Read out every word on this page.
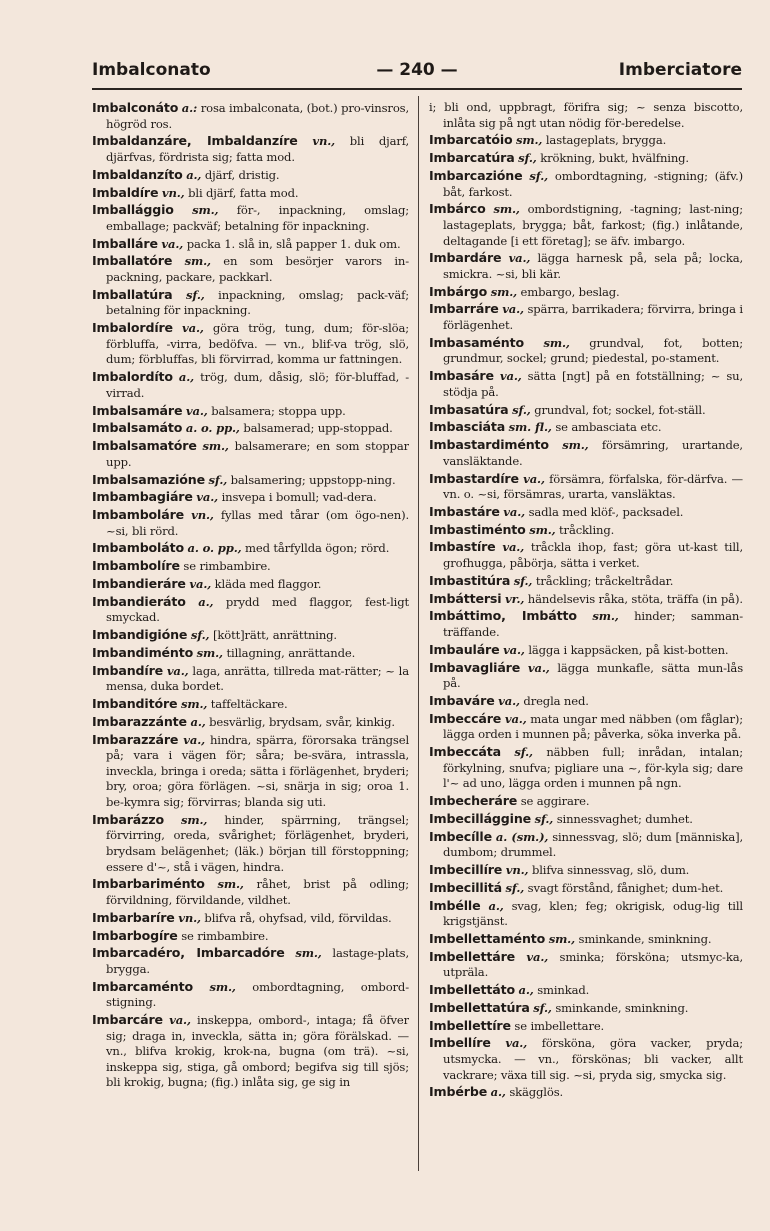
Imbalconato	— 240 —	Imberciatore

Imbalconáto a.: rosa imbalconata, (bot.) pro-vinsros, högröd ros.

Imbaldanzáre, Imbaldanzíre vn., bli djarf, djärfvas, fördrista sig; fatta mod.

Imbaldanzíto a., djärf, dristig.

Imbaldíre vn., bli djärf, fatta mod.

Imballággio sm., för-, inpackning, omslag; emballage; packväf; betalning för inpackning.

Imballáre va., packa 1. slå in, slå papper 1. duk om.

Imballatóre sm., en som besörjer varors in-packning, packare, packkarl.

Imballatúra sf., inpackning, omslag; pack-väf; betalning för inpackning.

Imbalordíre va., göra trög, tung, dum; för-slöa; förbluffa, -virra, bedöfva. — vn., blif-va trög, slö, dum; förbluffas, bli förvirrad, komma ur fattningen.

Imbalordíto a., trög, dum, dåsig, slö; för-bluffad, -virrad.

Imbalsamáre va., balsamera; stoppa upp.

Imbalsamáto a. o. pp., balsamerad; upp-stoppad.

Imbalsamatóre sm., balsamerare; en som stoppar upp.

Imbalsamazióne sf., balsamering; uppstopp-ning.

Imbambagiáre va., insvepa i bomull; vad-dera.

Imbamboláre vn., fyllas med tårar (om ögo-nen). ~si, bli rörd.

Imbamboláto a. o. pp., med tårfyllda ögon; rörd.

Imbambolíre se rimbambire.

Imbandieráre va., kläda med flaggor.

Imbandieráto a., prydd med flaggor, fest-ligt smyckad.

Imbandigióne sf., [kött]rätt, anrättning.

Imbandiménto sm., tillagning, anrättande.

Imbandíre va., laga, anrätta, tillreda mat-rätter; ~ la mensa, duka bordet.

Imbanditóre sm., taffeltäckare.

Imbarazzánte a., besvärlig, brydsam, svår, kinkig.

Imbarazzáre va., hindra, spärra, förorsaka trängsel på; vara i vägen för; såra; be-svära, intrassla, inveckla, bringa i oreda; sätta i förlägenhet, bryderi; bry, oroa; göra förlägen. ~si, snärja in sig; oroa 1. be-kymra sig; förvirras; blanda sig uti.

Imbarázzo sm., hinder, spärrning, trängsel; förvirring, oreda, svårighet; förlägenhet, bryderi, brydsam belägenhet; (läk.) början till förstoppning; essere d'~, stå i vägen, hindra.

Imbarbariménto sm., råhet, brist på odling; förvildning, förvildande, vildhet.

Imbarbaríre vn., blifva rå, ohyfsad, vild, förvildas.

Imbarbogíre se rimbambire.

Imbarcadéro, Imbarcadóre sm., lastage-plats, brygga.

Imbarcaménto sm., ombordtagning, ombord-stigning.

Imbarcáre va., inskeppa, ombord-, intaga; få öfver sig; draga in, inveckla, sätta in; göra förälskad. — vn., blifva krokig, krok-na, bugna (om trä). ~si, inskeppa sig, stiga, gå ombord; begifva sig till sjös; bli krokig, bugna; (fig.) inlåta sig, ge sig in

i; bli ond, uppbragt, förifra sig; ~ senza biscotto, inlåta sig på ngt utan nödig för-beredelse.

Imbarcatóio sm., lastageplats, brygga.

Imbarcatúra sf., krökning, bukt, hvälfning.

Imbarcazióne sf., ombordtagning, -stigning; (äfv.) båt, farkost.

Imbárco sm., ombordstigning, -tagning; last-ning; lastageplats, brygga; båt, farkost; (fig.) inlåtande, deltagande [i ett företag]; se äfv. imbargo.

Imbardáre va., lägga harnesk på, sela på; locka, smickra. ~si, bli kär.

Imbárgo sm., embargo, beslag.

Imbarráre va., spärra, barrikadera; förvirra, bringa i förlägenhet.

Imbasaménto sm., grundval, fot, botten; grundmur, sockel; grund; piedestal, po-stament.

Imbasáre va., sätta [ngt] på en fotställning; ~ su, stödja på.

Imbasatúra sf., grundval, fot; sockel, fot-ställ.

Imbasciáta sm. fl., se ambasciata etc.

Imbastardiménto sm., försämring, urartande, vansläktande.

Imbastardíre va., försämra, förfalska, för-därfva. — vn. o. ~si, försämras, urarta, vansläktas.

Imbastáre va., sadla med klöf-, packsadel.

Imbastiménto sm., tråckling.

Imbastíre va., tråckla ihop, fast; göra ut-kast till, grofhugga, påbörja, sätta i verket.

Imbastitúra sf., tråckling; tråckeltrådar.

Imbáttersi vr., händelsevis råka, stöta, träffa (in på).

Imbáttimo, Imbátto sm., hinder; samman-träffande.

Imbauláre va., lägga i kappsäcken, på kist-botten.

Imbavagliáre va., lägga munkafle, sätta mun-lås på.

Imbaváre va., dregla ned.

Imbeccáre va., mata ungar med näbben (om fåglar); lägga orden i munnen på; påverka, söka inverka på.

Imbeccáta sf., näbben full; inrådan, intalan; förkylning, snufva; pigliare una ~, för-kyla sig; dare l'~ ad uno, lägga orden i munnen på ngn.

Imbecheráre se aggirare.

Imbecillággine sf., sinnessvaghet; dumhet.

Imbecílle a. (sm.), sinnessvag, slö; dum [människa], dumbom; drummel.

Imbecillíre vn., blifva sinnessvag, slö, dum.

Imbecillitá sf., svagt förstånd, fånighet; dum-het.

Imbélle a., svag, klen; feg; okrigisk, odug-lig till krigstjänst.

Imbellettaménto sm., sminkande, sminkning.

Imbellettáre va., sminka; förskönа; utsmyc-ka, utpräla.

Imbellettáto a., sminkad.

Imbellettatúra sf., sminkande, sminkning.

Imbellettíre se imbellettare.

Imbellíre va., förskönа, göra vacker, pryda; utsmycka. — vn., förskönas; bli vacker, allt vackrare; växa till sig. ~si, pryda sig, smycka sig.

Imbérbe a., skägglös.
